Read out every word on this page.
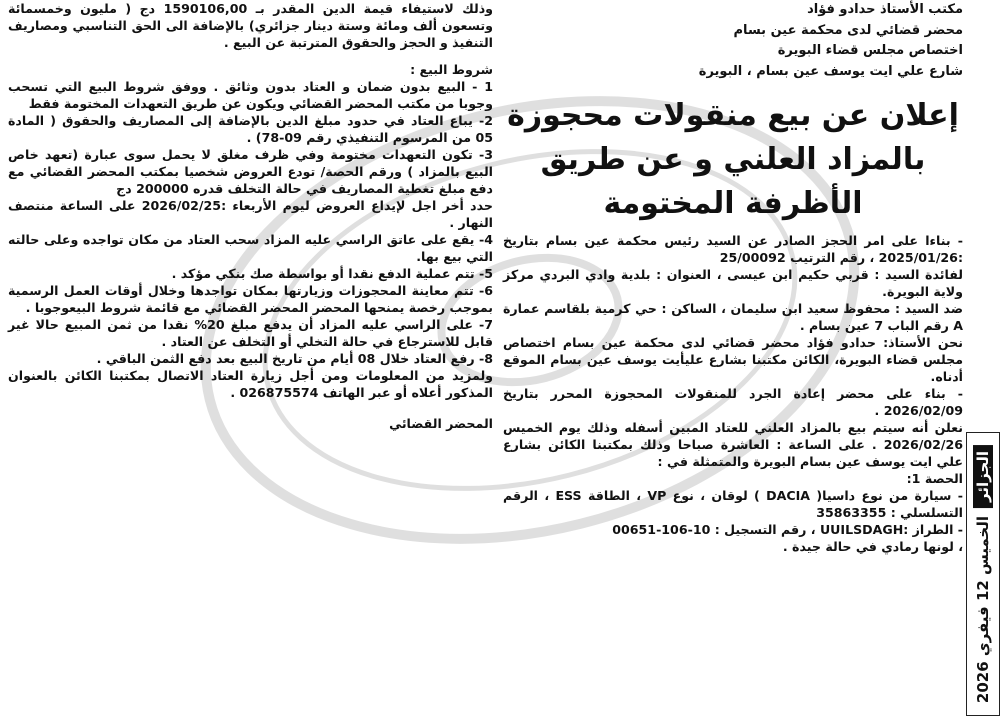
مكتب الأستاذ حدادو فؤاد

محضر قضائي لدى محكمة عين بسام

اختصاص مجلس قضاء البويرة

شارع علي ايت يوسف عين بسام ، البويرة

إعلان عن بيع منقولات محجوزة بالمزاد العلني و عن طريق الأظرفة المختومة

- بناءا على امر الحجز الصادر عن السيد رئيس محكمة عين بسام بتاريخ :2025/01/26 ، رقم الترتيب 25/00092

لفائدة السيد : قربي حكيم ابن عيسى ، العنوان : بلدية وادي البردي مركز ولاية البويرة.

ضد السيد : محفوظ سعيد ابن سليمان ، الساكن : حي كرمية بلقاسم عمارة A رقم الباب 7 عين بسام .

نحن الأستاذ: حدادو فؤاد محضر قضائي لدى محكمة عين بسام اختصاص مجلس قضاء البويرة، الكائن مكتبنا بشارع عليأيت يوسف عين بسام الموقع أدناه.

- بناء على محضر إعادة الجرد للمنقولات المحجوزة المحرر بتاريخ 2026/02/09 .

نعلن أنه سيتم بيع بالمزاد العلني للعتاد المبين أسفله وذلك يوم الخميس 2026/02/26 . على الساعة : العاشرة صباحا وذلك بمكتبنا الكائن بشارع علي ايت يوسف عين بسام البويرة والمتمثلة في :

الحصة 1:

- سيارة من نوع داسيا( DACIA ) لوقان ، نوع VP ، الطاقة ESS ، الرقم التسلسلي : 35863355

- الطراز :UUILSDAGH ، رقم التسجيل : 10-106-00651

، لونها رمادي في حالة جيدة .

وذلك لاستيفاء قيمة الدين المقدر بـ 1590106,00 دج ( مليون وخمسمائة وتسعون ألف ومائة وستة دينار جزائري) بالإضافة الى الحق التناسبي ومصاريف التنفيذ و الحجز والحقوق المترتبة عن البيع .

شروط البيع :

1 - البيع بدون ضمان و العتاد بدون وثائق . ووفق شروط البيع التي تسحب وجوبا من مكتب المحضر القضائي ويكون عن طريق التعهدات المختومة فقط

2- يباع العتاد في حدود مبلغ الدين بالإضافة إلى المصاريف والحقوق ( المادة 05 من المرسوم التنفيذي رقم 09-78) .

3- تكون التعهدات مختومة وفي ظرف مغلق لا يحمل سوى عبارة (تعهد خاص البيع بالمزاد ) ورقم الحصة/ تودع العروض شخصيا بمكتب المحضر القضائي مع دفع مبلغ تغطية المصاريف في حالة التخلف قدره 200000 دج

حدد أخر اجل لإيداع العروض ليوم الأربعاء :2026/02/25 على الساعة منتصف النهار .

4- يقع على عاتق الراسي عليه المزاد سحب العتاد من مكان تواجده وعلى حالته التي بيع بها.

5- تتم عملية الدفع نقدا أو بواسطة صك بنكي مؤكد .

6- تتم معاينة المحجوزات وزيارتها بمكان تواجدها وخلال أوقات العمل الرسمية بموجب رخصة يمنحها المحضر المحضر القضائي مع قائمة شروط البيعوجوبا .

7- على الراسي عليه المزاد أن يدفع مبلغ 20% نقدا من ثمن المبيع حالا غير قابل للاسترجاع في حالة التخلي أو التخلف عن العتاد .

8- رفع العتاد خلال 08 أيام من تاريخ البيع بعد دفع الثمن الباقي .

ولمزيد من المعلومات ومن أجل زيارة العتاد الاتصال بمكتبنا الكائن بالعنوان المذكور أعلاه أو عبر الهاتف 026875574 .

المحضر القضائي

الجزائر
الخميس 12 فيفري 2026
